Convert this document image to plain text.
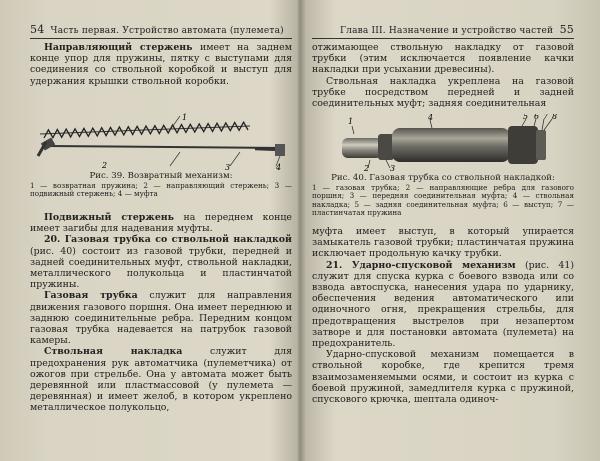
54 Часть первая. Устройство автомата (пулемета)

Направляющий стержень имеет на заднем конце упор для пружины, пятку с выступами для соединения со ствольной коробкой и выступ для удержания крышки ствольной коробки.

1
2	3	4
Рис. 39. Возвратный механизм:
1 — возвратная пружина; 2 — направляющий стержень; 3 — подвижный стержень; 4 — муфта

Подвижный стержень на переднем конце имеет загибы для надевания муфты.

20. Газовая трубка со ствольной накладкой (рис. 40) состоит из газовой трубки, передней и задней соединительных муфт, ствольной накладки, металлического полукольца и пластинчатой пружины.

Газовая трубка служит для направления движения газового поршня. Она имеет переднюю и заднюю соединительные ребра. Передним концом газовая трубка надевается на патрубок газовой камеры.

Ствольная накладка	служит для предохранения рук автоматчика (пулеметчика) от ожогов при стрельбе. Она у автомата может быть деревянной или пластмассовой (у пулемета — деревянная) и имеет желоб, в котором укреплено металлическое полукольцо,

Глава III. Назначение и устройство частей 55

отжимающее ствольную накладку от газовой трубки (этим исключается появление качки накладки при усыхании древесины).

Ствольная накладка укреплена на газовой трубке посредством передней и задней соединительных муфт; задняя соединительная

1
2	3
4	5 6 7 8
Рис. 40. Газовая трубка со ствольной накладкой:
1 — газовая трубка; 2 — направляющие ребра для газового поршня; 3 — передняя соединительная муфта; 4 — ствольная накладка; 5 — задняя соединительная муфта; 6 — выступ; 7 — пластинчатая пружина

муфта имеет выступ, в который упирается замыкатель газовой трубки; пластинчатая пружина исключает продольную качку трубки.

21. Ударно-спусковой механизм (рис. 41) служит для спуска курка с боевого взвода или со взвода автоспуска, нанесения удара по ударнику, обеспечения ведения автоматического или одиночного огня, прекращения стрельбы, для предотвращения выстрелов при незапертом затворе и для постановки автомата (пулемета) на предохранитель.

Ударно-спусковой механизм помещается в ствольной коробке, где крепится тремя взаимозаменяемыми осями, и состоит из курка с боевой пружиной, замедлителя курка с пружиной, спускового крючка, шептала одиноч-
